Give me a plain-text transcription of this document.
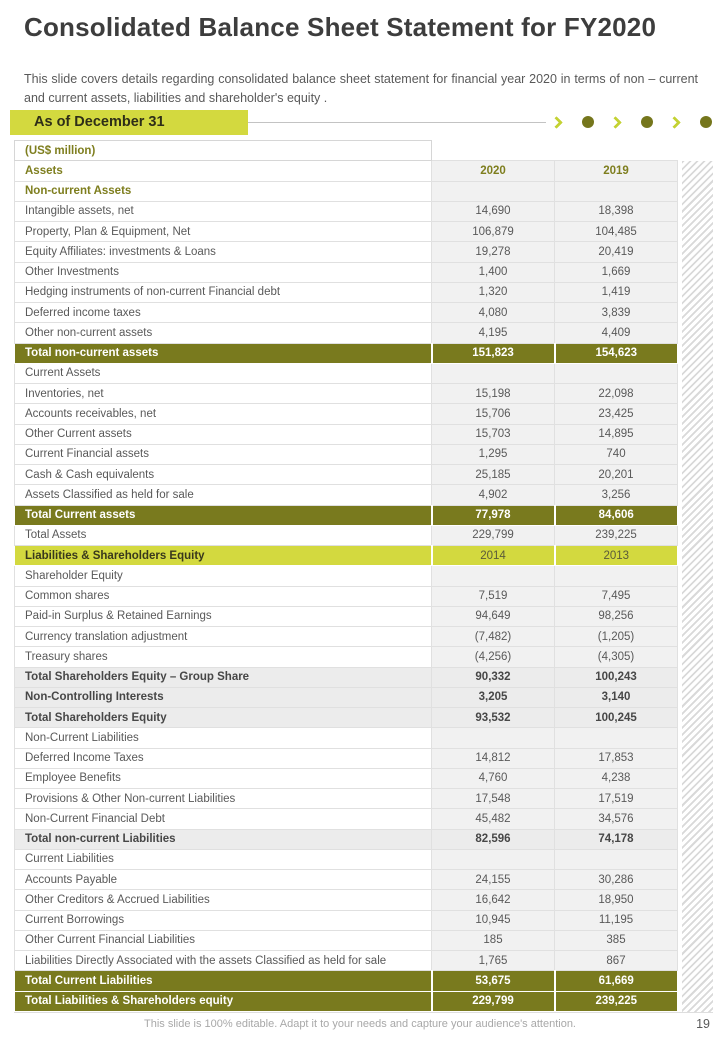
Consolidated Balance Sheet Statement for FY2020
This slide covers details regarding consolidated balance sheet statement for financial year 2020 in terms of non – current and current assets, liabilities and shareholder's equity .
As of December 31
(US$ million)		
Assets	2020	2019
Non-current Assets		
Intangible assets, net	14,690	18,398
Property, Plan & Equipment, Net	106,879	104,485
Equity Affiliates: investments & Loans	19,278	20,419
Other Investments	1,400	1,669
Hedging instruments of non-current Financial debt	1,320	1,419
Deferred income taxes	4,080	3,839
Other non-current assets	4,195	4,409
Total non-current assets	151,823	154,623
Current Assets		
Inventories, net	15,198	22,098
Accounts receivables, net	15,706	23,425
Other Current assets	15,703	14,895
Current Financial assets	1,295	740
Cash & Cash equivalents	25,185	20,201
Assets Classified as held for sale	4,902	3,256
Total Current assets	77,978	84,606
Total Assets	229,799	239,225
Liabilities & Shareholders Equity	2014	2013
Shareholder Equity		
Common shares	7,519	7,495
Paid-in Surplus & Retained Earnings	94,649	98,256
Currency translation adjustment	(7,482)	(1,205)
Treasury shares	(4,256)	(4,305)
Total Shareholders Equity – Group Share	90,332	100,243
Non-Controlling Interests	3,205	3,140
Total Shareholders Equity	93,532	100,245
Non-Current Liabilities		
Deferred Income Taxes	14,812	17,853
Employee Benefits	4,760	4,238
Provisions & Other Non-current Liabilities	17,548	17,519
Non-Current Financial Debt	45,482	34,576
Total non-current Liabilities	82,596	74,178
Current Liabilities		
Accounts Payable	24,155	30,286
Other Creditors & Accrued Liabilities	16,642	18,950
Current Borrowings	10,945	11,195
Other Current Financial Liabilities	185	385
Liabilities Directly Associated with the assets Classified as held for sale	1,765	867
Total Current Liabilities	53,675	61,669
Total Liabilities & Shareholders equity	229,799	239,225
This slide is 100% editable. Adapt it to your needs and capture your audience's attention.	19
